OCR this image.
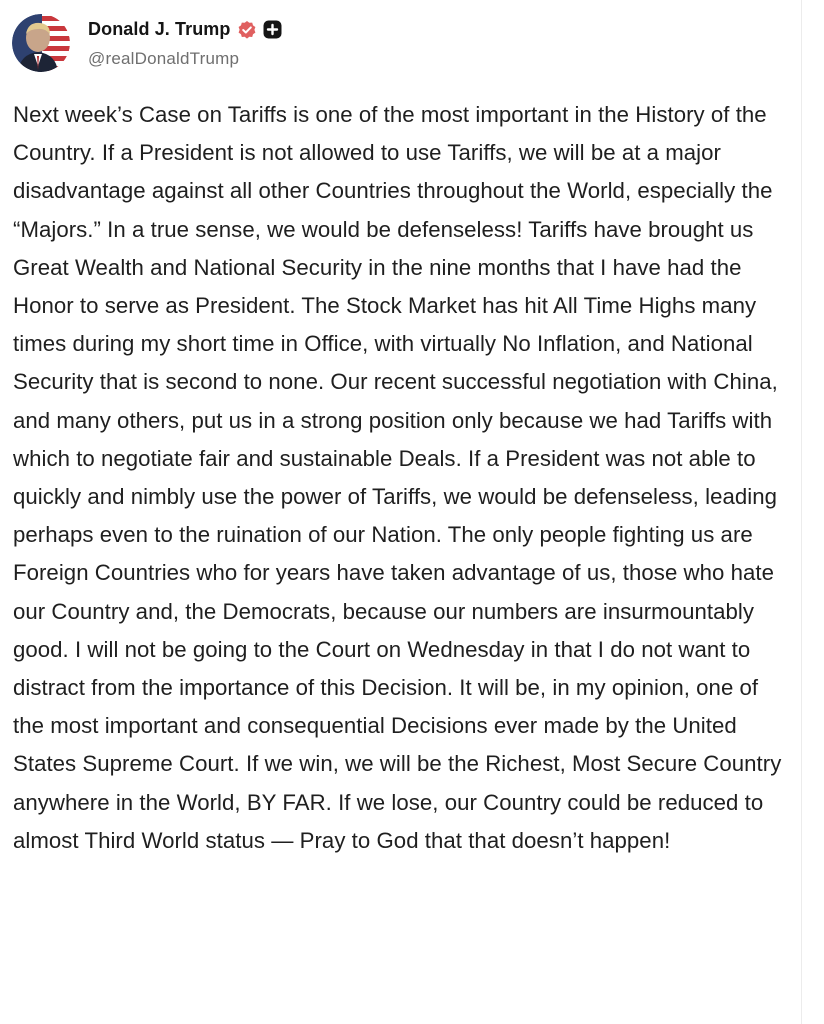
Donald J. Trump
@realDonaldTrump

Next week’s Case on Tariffs is one of the most important in the History of the Country. If a President is not allowed to use Tariffs, we will be at a major disadvantage against all other Countries throughout the World, especially the “Majors.” In a true sense, we would be defenseless! Tariffs have brought us Great Wealth and National Security in the nine months that I have had the Honor to serve as President. The Stock Market has hit All Time Highs many times during my short time in Office, with virtually No Inflation, and National Security that is second to none. Our recent successful negotiation with China, and many others, put us in a strong position only because we had Tariffs with which to negotiate fair and sustainable Deals. If a President was not able to quickly and nimbly use the power of Tariffs, we would be defenseless, leading perhaps even to the ruination of our Nation. The only people fighting us are Foreign Countries who for years have taken advantage of us, those who hate our Country and, the Democrats, because our numbers are insurmountably good. I will not be going to the Court on Wednesday in that I do not want to distract from the importance of this Decision. It will be, in my opinion, one of the most important and consequential Decisions ever made by the United States Supreme Court. If we win, we will be the Richest, Most Secure Country anywhere in the World, BY FAR. If we lose, our Country could be reduced to almost Third World status — Pray to God that that doesn’t happen!
